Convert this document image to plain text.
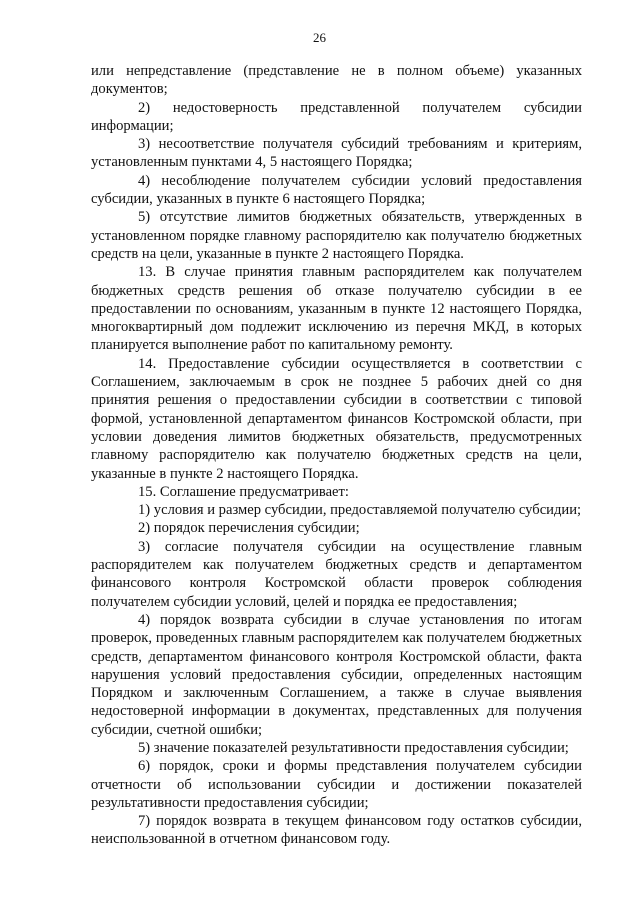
26

или непредставление (представление не в полном объеме) указанных документов;

2) недостоверность представленной получателем субсидии информации;

3) несоответствие получателя субсидий требованиям и критериям, установленным пунктами 4, 5 настоящего Порядка;

4) несоблюдение получателем субсидии условий предоставления субсидии, указанных в пункте 6 настоящего Порядка;

5) отсутствие лимитов бюджетных обязательств, утвержденных в установленном порядке главному распорядителю как получателю бюджетных средств на цели, указанные в пункте 2 настоящего Порядка.

13. В случае принятия главным распорядителем как получателем бюджетных средств решения об отказе получателю субсидии в ее предоставлении по основаниям, указанным в пункте 12 настоящего Порядка, многоквартирный дом подлежит исключению из перечня МКД, в которых планируется выполнение работ по капитальному ремонту.

14. Предоставление субсидии осуществляется в соответствии с Соглашением, заключаемым в срок не позднее 5 рабочих дней со дня принятия решения о предоставлении субсидии в соответствии с типовой формой, установленной департаментом финансов Костромской области, при условии доведения лимитов бюджетных обязательств, предусмотренных главному распорядителю как получателю бюджетных средств на цели, указанные в пункте 2 настоящего Порядка.

15. Соглашение предусматривает:

1) условия и размер субсидии, предоставляемой получателю субсидии;

2) порядок перечисления субсидии;

3) согласие получателя субсидии на осуществление главным распорядителем как получателем бюджетных средств и департаментом финансового контроля Костромской области проверок соблюдения получателем субсидии условий, целей и порядка ее предоставления;

4) порядок возврата субсидии в случае установления по итогам проверок, проведенных главным распорядителем как получателем бюджетных средств, департаментом финансового контроля Костромской области, факта нарушения условий предоставления субсидии, определенных настоящим Порядком и заключенным Соглашением, а также в случае выявления недостоверной информации в документах, представленных для получения субсидии, счетной ошибки;

5) значение показателей результативности предоставления субсидии;

6) порядок, сроки и формы представления получателем субсидии отчетности об использовании субсидии и достижении показателей результативности предоставления субсидии;

7) порядок возврата в текущем финансовом году остатков субсидии, неиспользованной в отчетном финансовом году.
